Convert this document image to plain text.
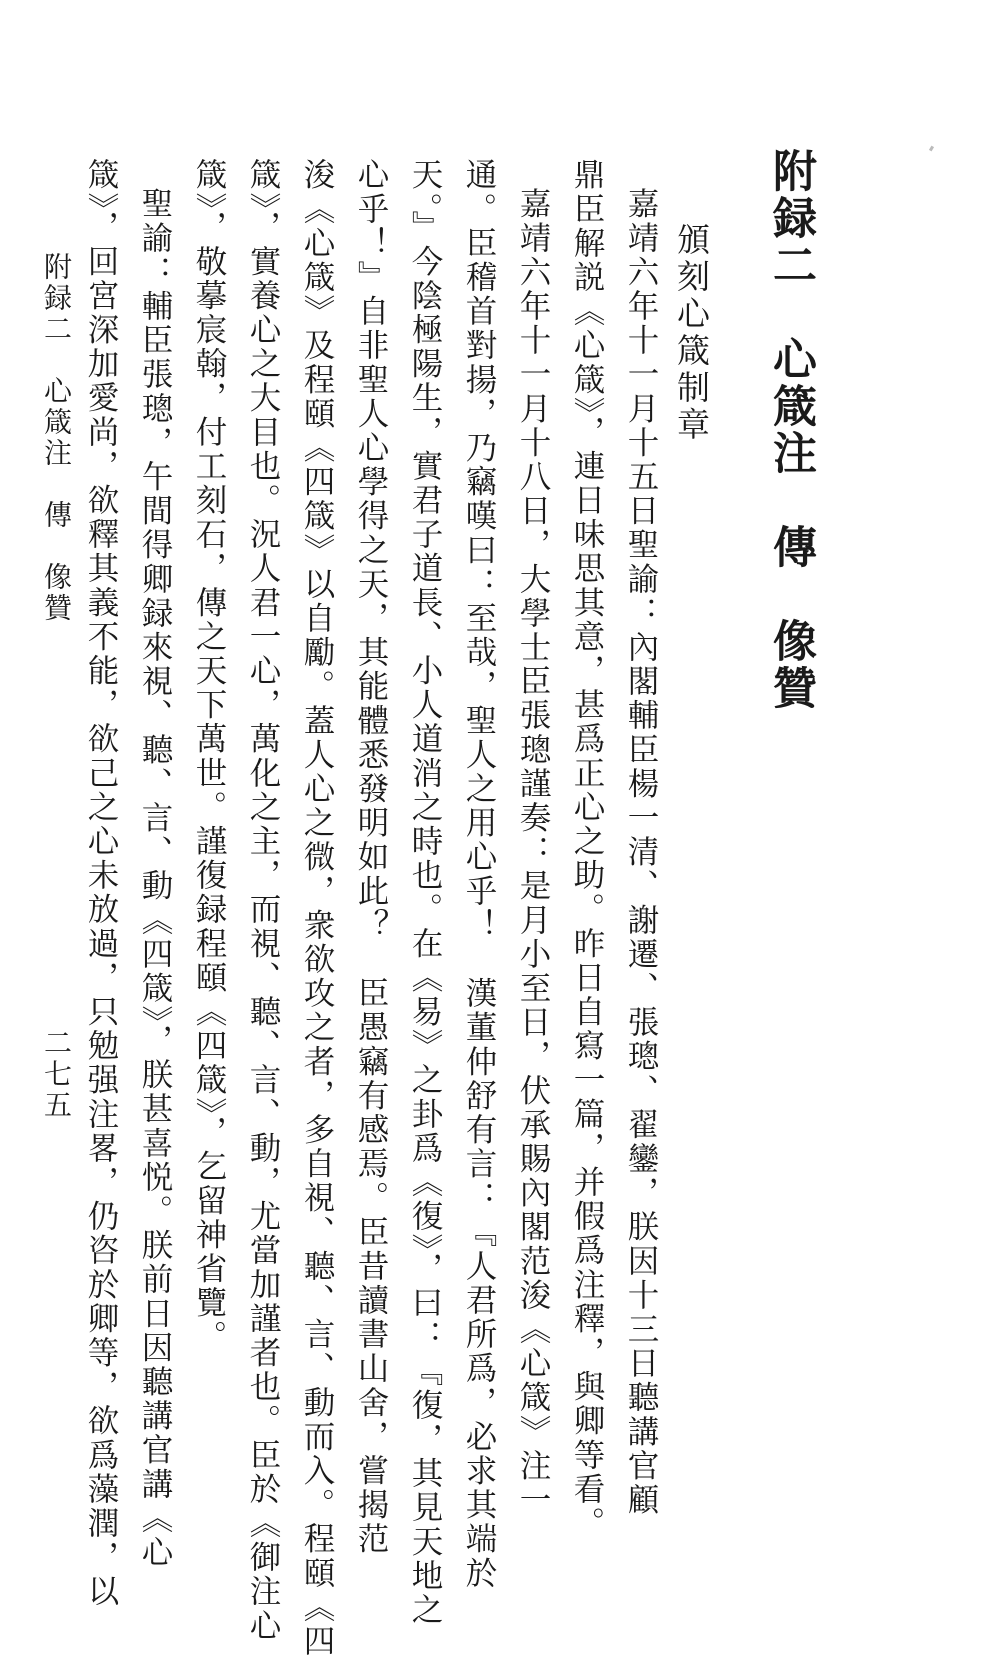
附録二　心箴注　傳　像贊
頒刻心箴制章
嘉靖六年十一月十五日聖諭：內閣輔臣楊一清、謝遷、張璁、翟鑾，朕因十三日聽講官顧
鼎臣解説《心箴》，連日味思其意，甚爲正心之助。昨日自寫一篇，并假爲注釋，與卿等看。
嘉靖六年十一月十八日，大學士臣張璁謹奏：是月小至日，伏承賜內閣范浚《心箴》注一
通。臣稽首對揚，乃竊嘆曰：至哉，聖人之用心乎！　漢董仲舒有言：『人君所爲，必求其端於
天。』今陰極陽生，實君子道長、小人道消之時也。在《易》之卦爲《復》，曰：『復，其見天地之
心乎！』自非聖人心學得之天，其能體悉發明如此？　臣愚竊有感焉。臣昔讀書山舍，嘗揭范
浚《心箴》及程頤《四箴》以自勵。蓋人心之微，衆欲攻之者，多自視、聽、言、動而入。程頤《四
箴》，實養心之大目也。況人君一心，萬化之主，而視、聽、言、動，尤當加謹者也。臣於《御注心
箴》，敬摹宸翰，付工刻石，傳之天下萬世。謹復録程頤《四箴》，乞留神省覽。
聖諭：輔臣張璁，午間得卿録來視、聽、言、動《四箴》，朕甚喜悦。朕前日因聽講官講《心
箴》，回宮深加愛尚，欲釋其義不能，欲己之心未放過，只勉强注畧，仍咨於卿等，欲爲藻潤，以
附録二　心箴注　傳　像贊
二七五
